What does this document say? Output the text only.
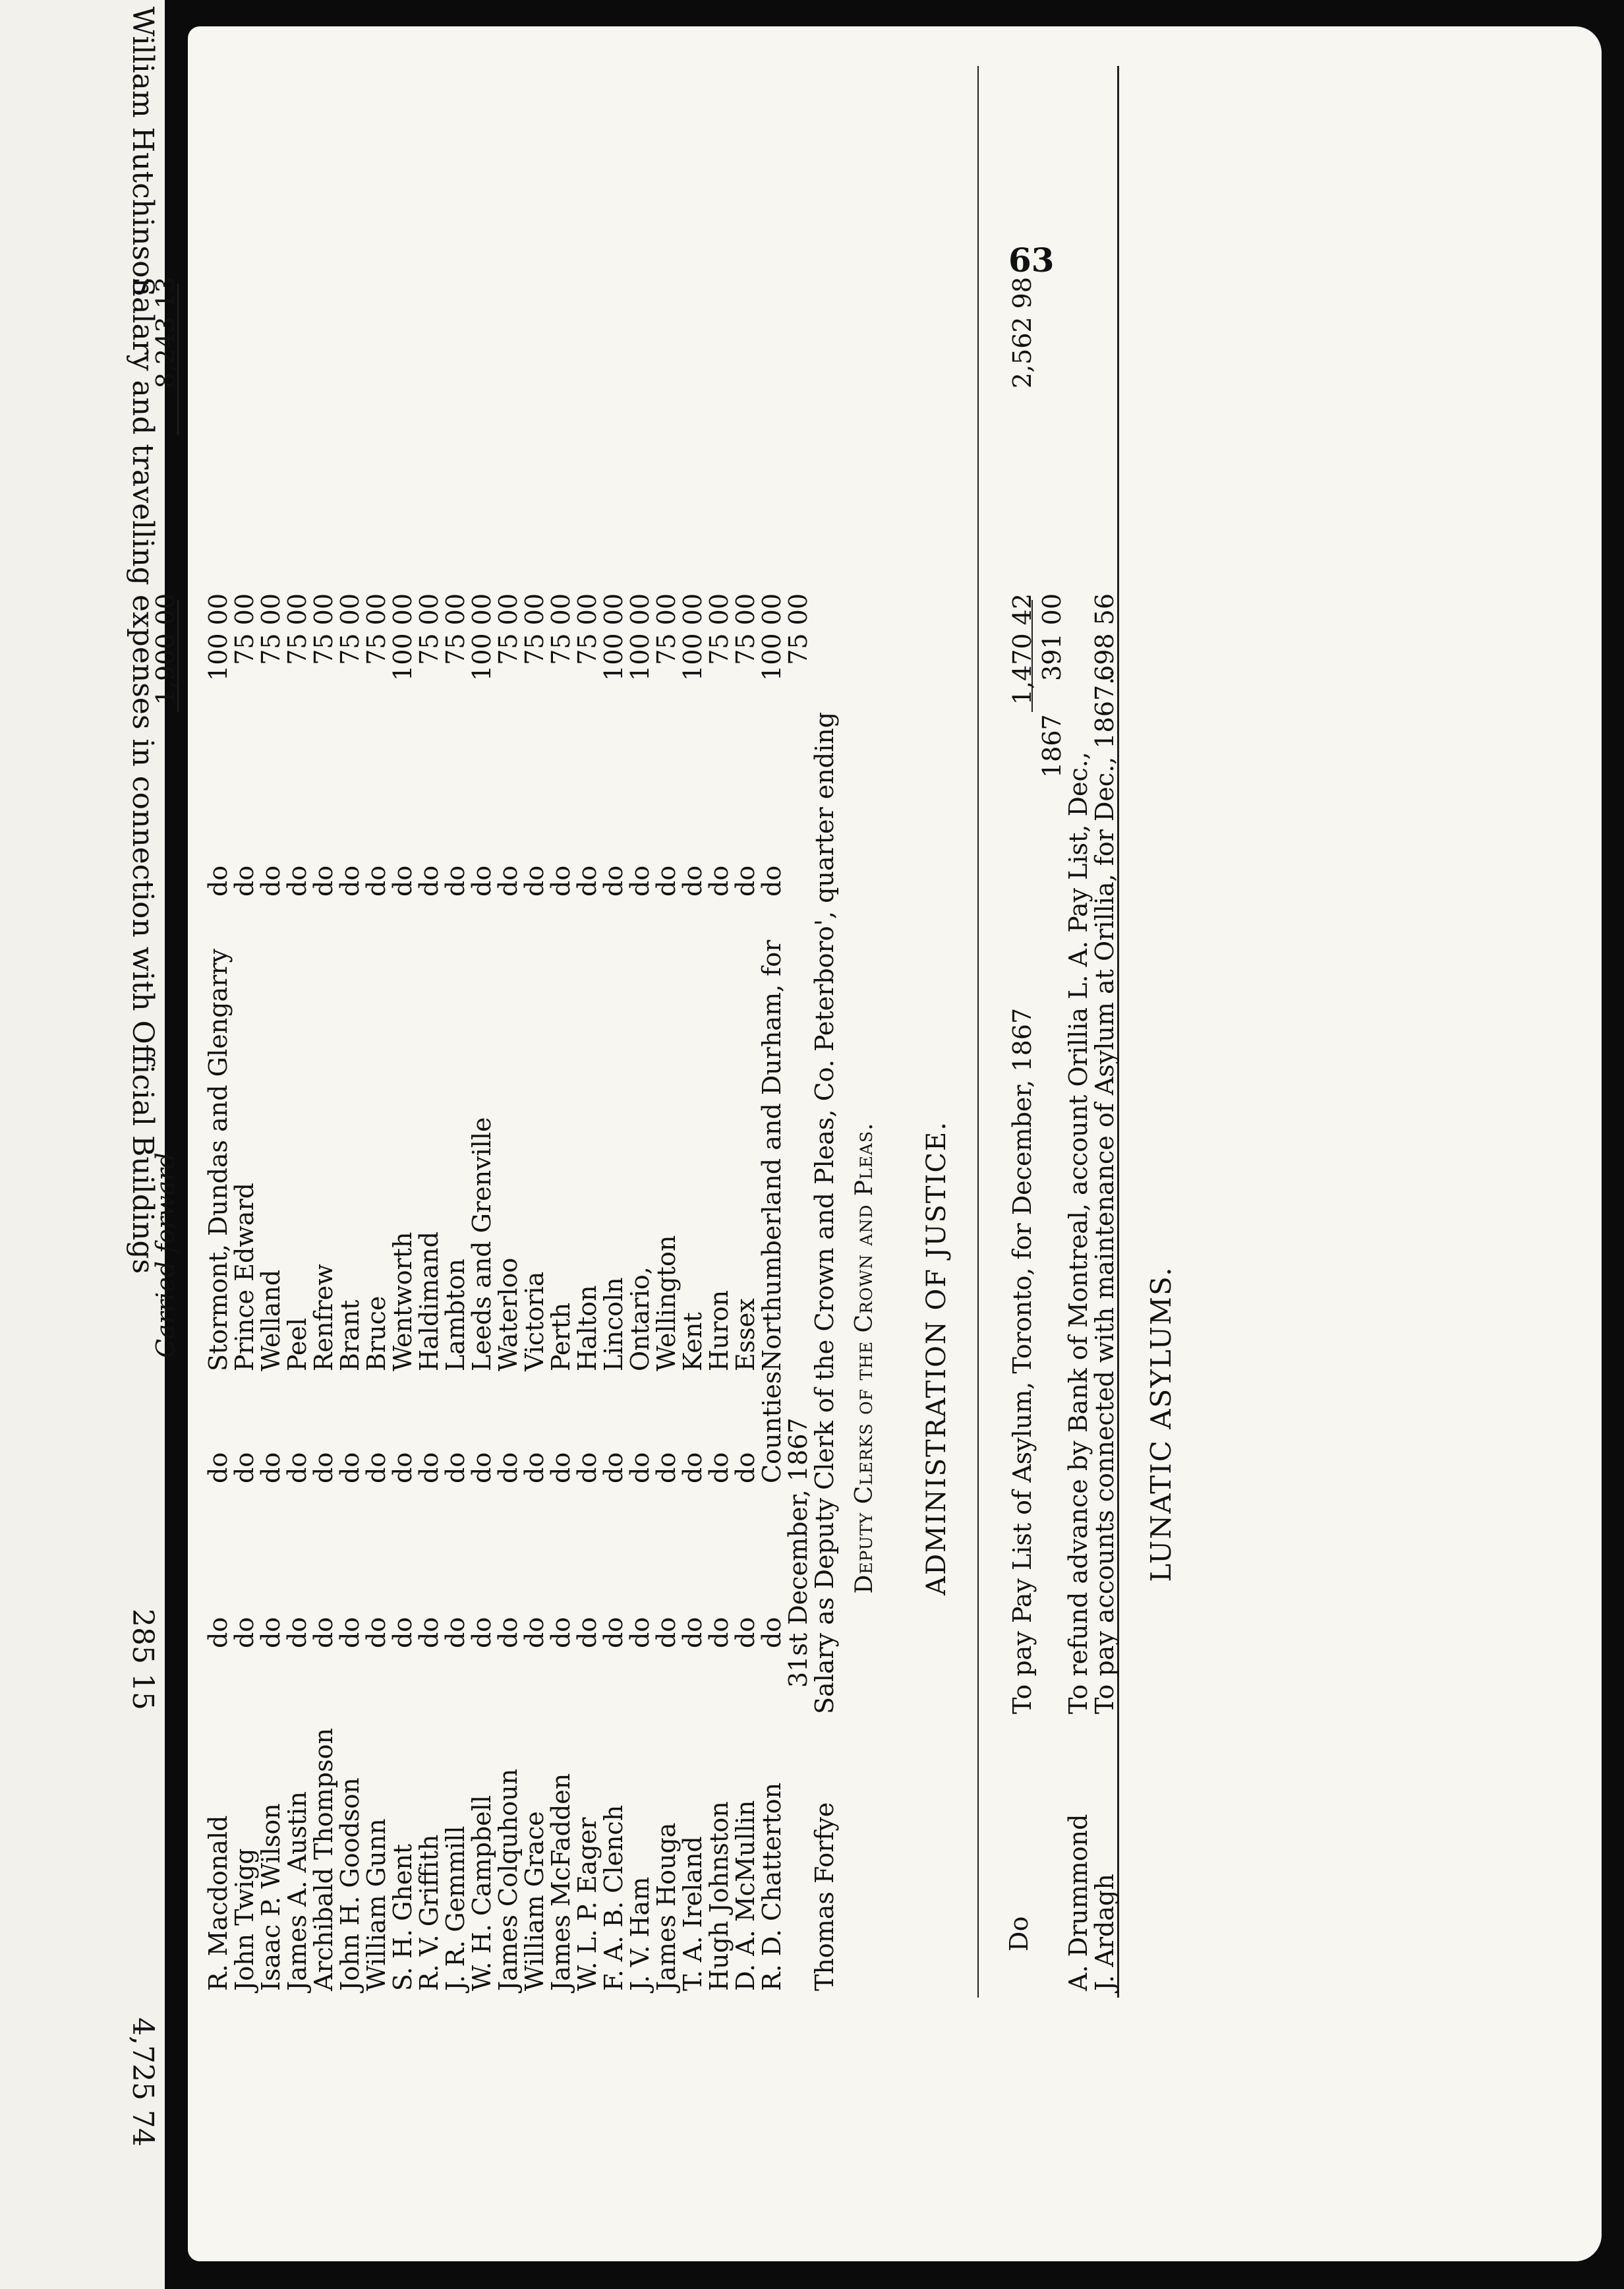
William Hutchinson
Salary and travelling expenses in connection with Official Buildings
285 15
4,725 74
63
LUNATIC ASYLUMS.
J. Ardagh
To pay accounts connected with maintenance of Asylum at Orillia, for Dec., 1867..
698 56
A. Drummond
To refund advance by Bank of Montreal, account Orillia L. A. Pay List, Dec.,
1867
391 00
Do
To pay Pay List of Asylum, Toronto, for December, 1867
1,470 42
2,562 98
ADMINISTRATION OF JUSTICE.
Deputy Clerks of the Crown and Pleas.
Thomas Forfye
Salary as Deputy Clerk of the Crown and Pleas, Co. Peterboro', quarter ending
31st December, 1867
75 00
R. D. Chatterton
do
Counties
Northumberland and Durham, for
do
100 00
D. A. McMullin
do
do
Essex
do
75 00
Hugh Johnston
do
do
Huron
do
75 00
T. A. Ireland
do
do
Kent
do
100 00
James Houga
do
do
Wellington
do
75 00
J. V. Ham
do
do
Ontario,
do
100 00
F. A. B. Clench
do
do
Lincoln
do
100 00
W. L. P. Eager
do
do
Halton
do
75 00
James McFadden
do
do
Perth
do
75 00
William Grace
do
do
Victoria
do
75 00
James Colquhoun
do
do
Waterloo
do
75 00
W. H. Campbell
do
do
Leeds and Grenville
do
100 00
J. R. Gemmill
do
do
Lambton
do
75 00
R. V. Griffith
do
do
Haldimand
do
75 00
S. H. Ghent
do
do
Wentworth
do
100 00
William Gunn
do
do
Bruce
do
75 00
John H. Goodson
do
do
Brant
do
75 00
Archibald Thompson
do
do
Renfrew
do
75 00
James A. Austin
do
do
Peel
do
75 00
Isaac P. Wilson
do
do
Welland
do
75 00
John Twigg
do
do
Prince Edward
do
75 00
R. Macdonald
do
do
Stormont, Dundas and Glengarry
do
100 00
Carried forward
1,900 00
8,243 13
